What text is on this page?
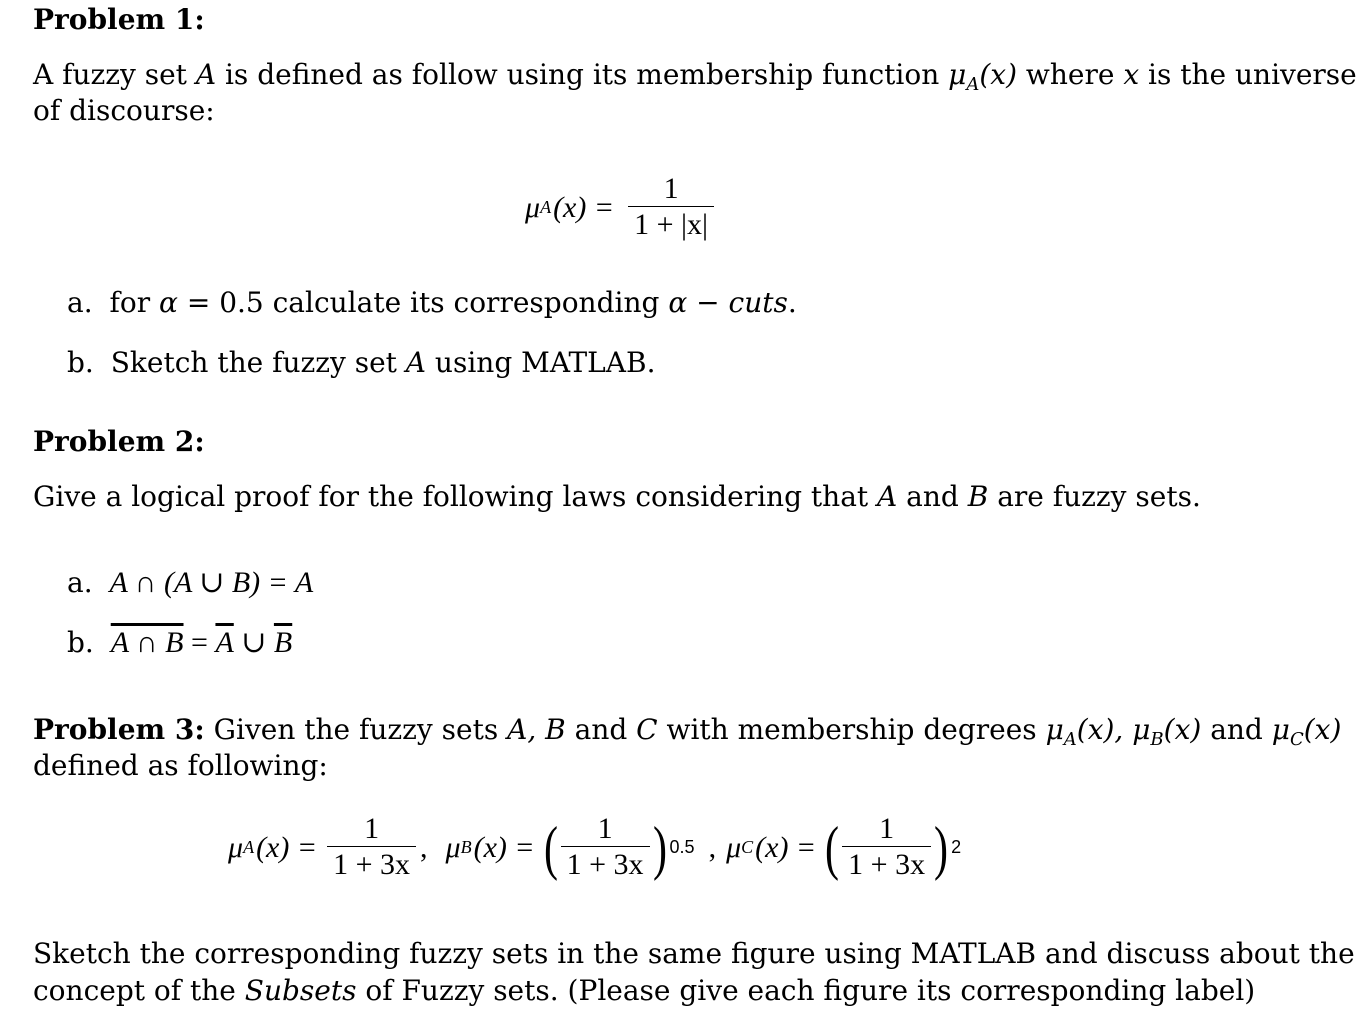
Problem 1:
A fuzzy set A is defined as follow using its membership function $\mu_A(x)$ where x is the universe
of discourse:
μ A $(x) = \frac{1}{1 + |x|}$
a. for α = 0.5 calculate its corresponding α − cuts.
b. Sketch the fuzzy set A using MATLAB.
Problem 2:
Give a logical proof for the following laws considering that A and B are fuzzy sets.
a. A ∩ (A ∪ B) = A
b. A ∩ $B = \overline{A}$ ∪ $\overline{B}$
Problem 3: Given the fuzzy sets A, B and C with membership degrees $\mu_A(x)$, $\mu_B(x)$ and $\mu_C(x)$
defined as following:
μ A $(x) = \frac{1}{1 + 3x}$ , μ B (x) = ( $\frac{1}{1 + 3x}$ ) 0.5 , μ C (x) = ( $\frac{1}{1 + 3x}$ ) 2
Sketch the corresponding fuzzy sets in the same figure using MATLAB and discuss about the
concept of the Subsets of Fuzzy sets. (Please give each figure its corresponding label)
